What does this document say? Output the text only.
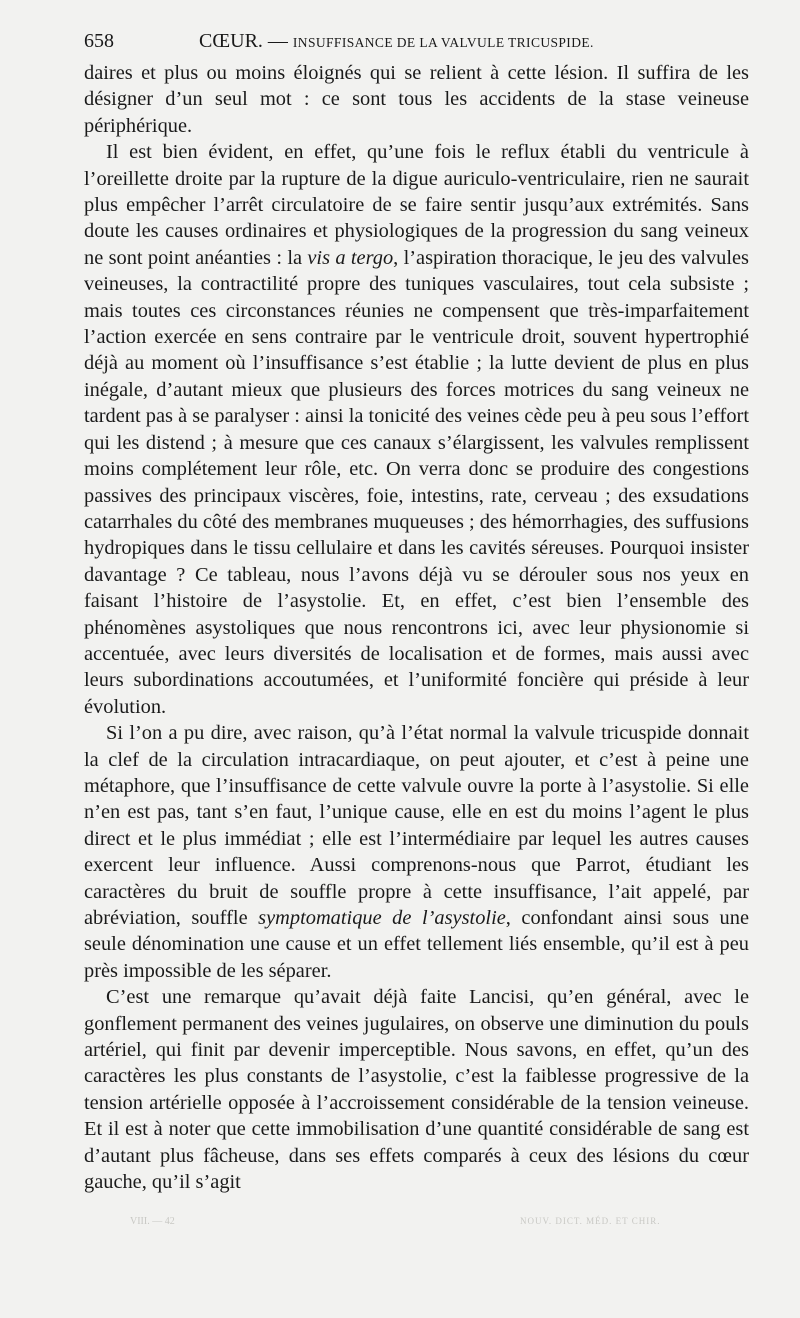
658	CŒUR. — INSUFFISANCE DE LA VALVULE TRICUSPIDE.

daires et plus ou moins éloignés qui se relient à cette lésion. Il suffira de les désigner d’un seul mot : ce sont tous les accidents de la stase veineuse périphérique.

Il est bien évident, en effet, qu’une fois le reflux établi du ventricule à l’oreillette droite par la rupture de la digue auriculo-ventriculaire, rien ne saurait plus empêcher l’arrêt circulatoire de se faire sentir jusqu’aux extrémités. Sans doute les causes ordinaires et physiologiques de la progression du sang veineux ne sont point anéanties : la vis a tergo, l’aspiration thoracique, le jeu des valvules veineuses, la contractilité propre des tuniques vasculaires, tout cela subsiste ; mais toutes ces circonstances réunies ne compensent que très-imparfaitement l’action exercée en sens contraire par le ventricule droit, souvent hypertrophié déjà au moment où l’insuffisance s’est établie ; la lutte devient de plus en plus inégale, d’autant mieux que plusieurs des forces motrices du sang veineux ne tardent pas à se paralyser : ainsi la tonicité des veines cède peu à peu sous l’effort qui les distend ; à mesure que ces canaux s’élargissent, les valvules remplissent moins complétement leur rôle, etc. On verra donc se produire des congestions passives des principaux viscères, foie, intestins, rate, cerveau ; des exsudations catarrhales du côté des membranes muqueuses ; des hémorrhagies, des suffusions hydropiques dans le tissu cellulaire et dans les cavités séreuses. Pourquoi insister davantage ? Ce tableau, nous l’avons déjà vu se dérouler sous nos yeux en faisant l’histoire de l’asystolie. Et, en effet, c’est bien l’ensemble des phénomènes asystoliques que nous rencontrons ici, avec leur physionomie si accentuée, avec leurs diversités de localisation et de formes, mais aussi avec leurs subordinations accoutumées, et l’uniformité foncière qui préside à leur évolution.

Si l’on a pu dire, avec raison, qu’à l’état normal la valvule tricuspide donnait la clef de la circulation intracardiaque, on peut ajouter, et c’est à peine une métaphore, que l’insuffisance de cette valvule ouvre la porte à l’asystolie. Si elle n’en est pas, tant s’en faut, l’unique cause, elle en est du moins l’agent le plus direct et le plus immédiat ; elle est l’intermédiaire par lequel les autres causes exercent leur influence. Aussi comprenons-nous que Parrot, étudiant les caractères du bruit de souffle propre à cette insuffisance, l’ait appelé, par abréviation, souffle symptomatique de l’asystolie, confondant ainsi sous une seule dénomination une cause et un effet tellement liés ensemble, qu’il est à peu près impossible de les séparer.

C’est une remarque qu’avait déjà faite Lancisi, qu’en général, avec le gonflement permanent des veines jugulaires, on observe une diminution du pouls artériel, qui finit par devenir imperceptible. Nous savons, en effet, qu’un des caractères les plus constants de l’asystolie, c’est la faiblesse progressive de la tension artérielle opposée à l’accroissement considérable de la tension veineuse. Et il est à noter que cette immobilisation d’une quantité considérable de sang est d’autant plus fâcheuse, dans ses effets comparés à ceux des lésions du cœur gauche, qu’il s’agit

VIII. — 42	NOUV. DICT. MÉD. ET CHIR.
